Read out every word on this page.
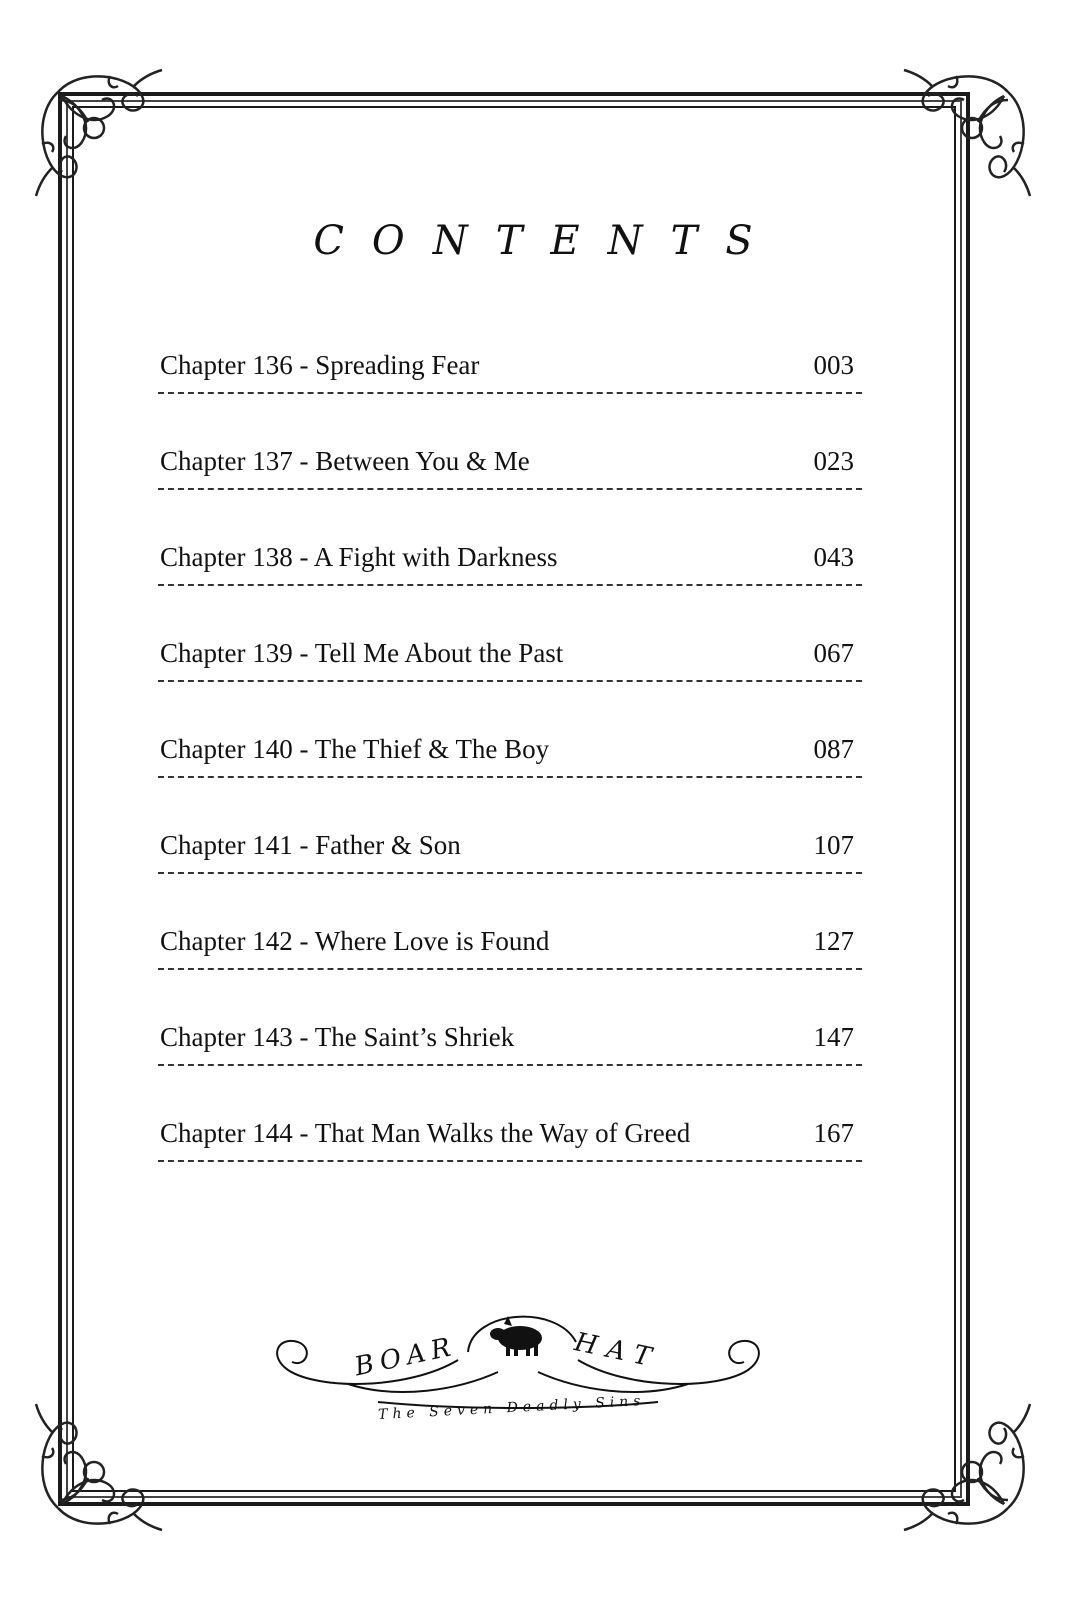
CONTENTS
Chapter 136 - Spreading Fear	003
Chapter 137 - Between You & Me	023
Chapter 138 - A Fight with Darkness	043
Chapter 139 - Tell Me About the Past	067
Chapter 140 - The Thief & The Boy	087
Chapter 141 - Father & Son	107
Chapter 142 - Where Love is Found	127
Chapter 143 - The Saint’s Shriek	147
Chapter 144 - That Man Walks the Way of Greed	167
BOAR	HAT
The Seven Deadly Sins
